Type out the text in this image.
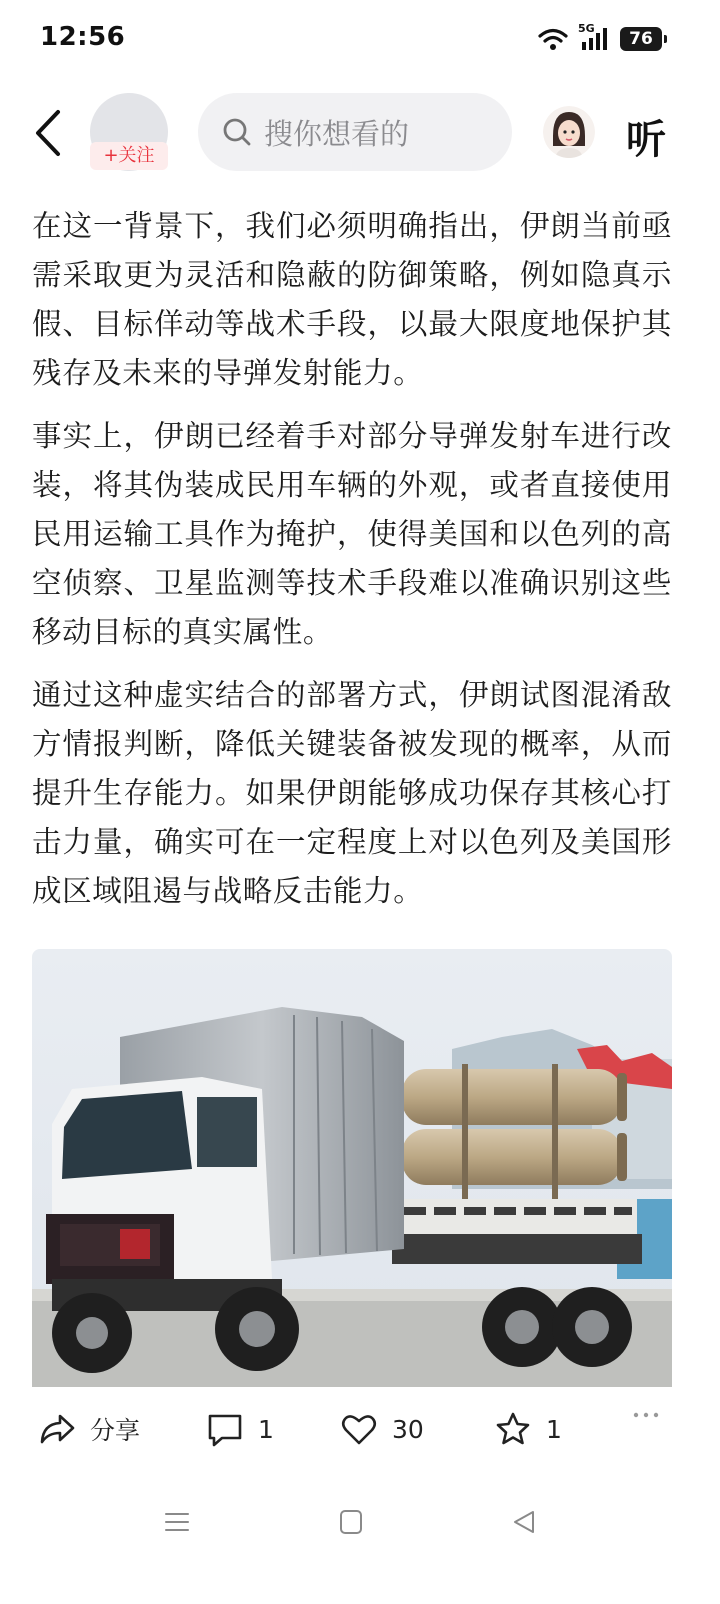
12:56	5G
76
+关注
搜你想看的	听

在这一背景下，我们必须明确指出，伊朗当前亟需采取更为灵活和隐蔽的防御策略，例如隐真示假、目标佯动等战术手段，以最大限度地保护其残存及未来的导弹发射能力。

事实上，伊朗已经着手对部分导弹发射车进行改装，将其伪装成民用车辆的外观，或者直接使用民用运输工具作为掩护，使得美国和以色列的高空侦察、卫星监测等技术手段难以准确识别这些移动目标的真实属性。

通过这种虚实结合的部署方式，伊朗试图混淆敌方情报判断，降低关键装备被发现的概率，从而提升生存能力。如果伊朗能够成功保存其核心打击力量，确实可在一定程度上对以色列及美国形成区域阻遏与战略反击能力。

分享	1	30	1
